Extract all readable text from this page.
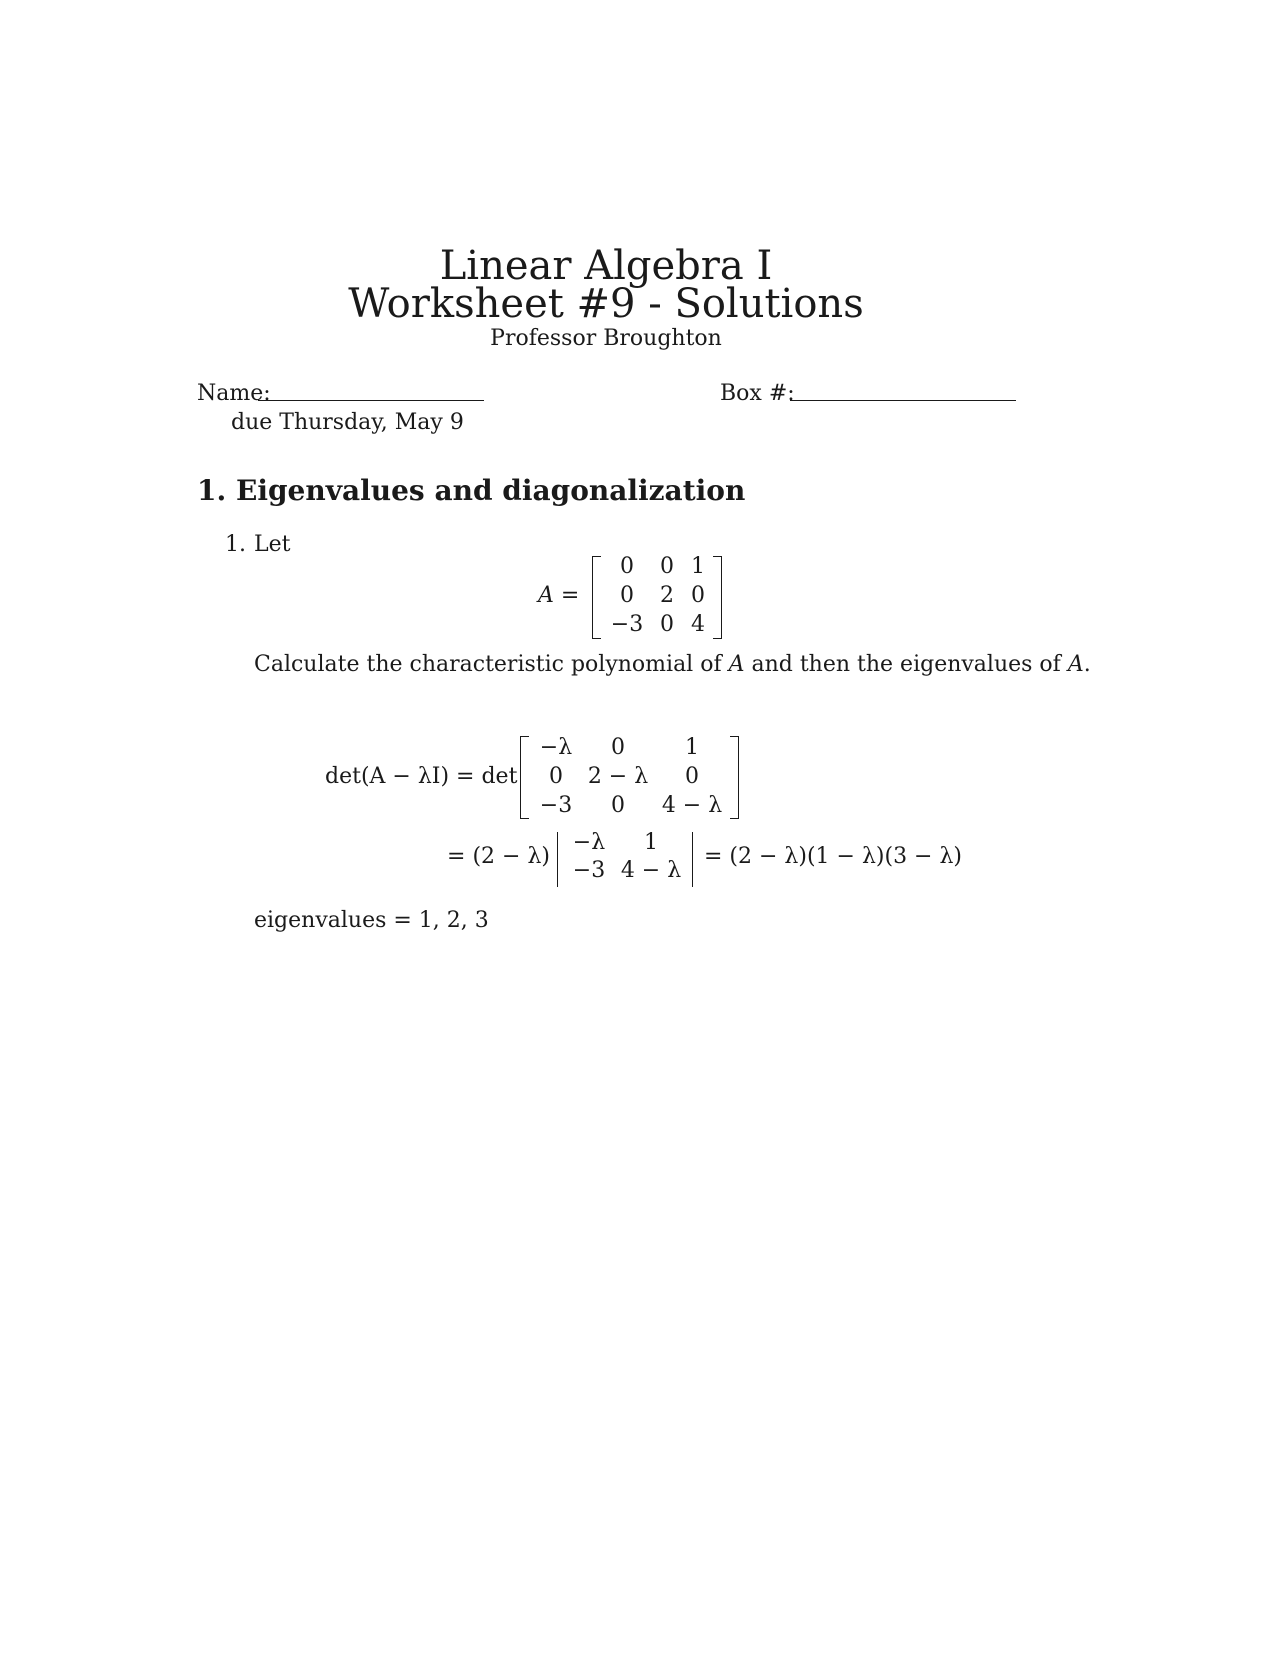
Linear Algebra I
Worksheet #9 - Solutions
Professor Broughton
Name:	Box #:
due Thursday, May 9
1. Eigenvalues and diagonalization
1. Let
A =
0 0 1
0 2 0
−3 0 4
Calculate the characteristic polynomial of A and then the eigenvalues of A.
det(A − λI) = det
−λ 0	1
0 2 − λ 0
−3 0 4 − λ
= (2 − λ)
−λ 1
−3 4 − λ
= (2 − λ)(1 − λ)(3 − λ)
eigenvalues = 1, 2, 3
